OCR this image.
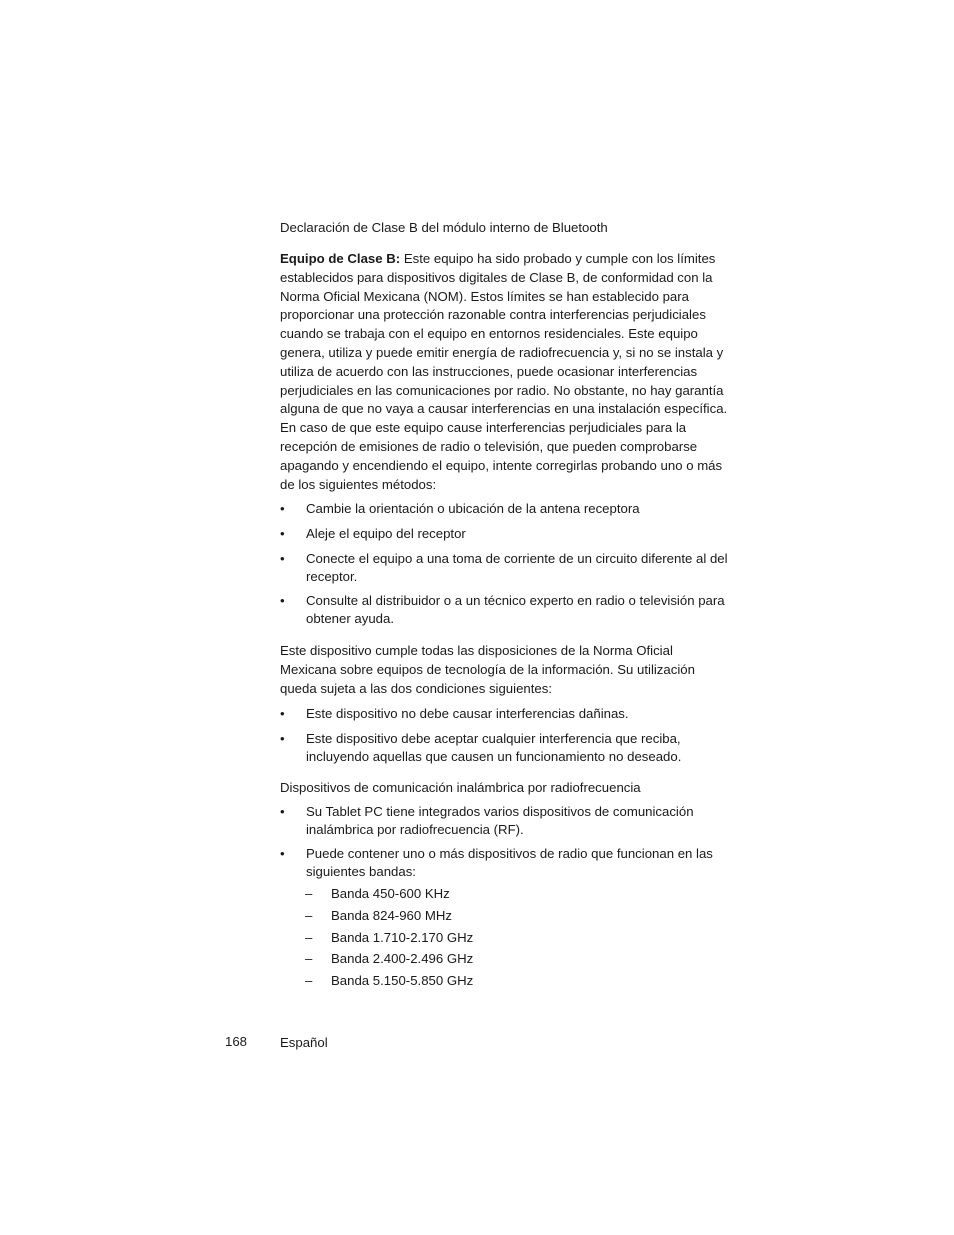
Declaración de Clase B del módulo interno de Bluetooth

Equipo de Clase B: Este equipo ha sido probado y cumple con los límites establecidos para dispositivos digitales de Clase B, de conformidad con la Norma Oficial Mexicana (NOM). Estos límites se han establecido para proporcionar una protección razonable contra interferencias perjudiciales cuando se trabaja con el equipo en entornos residenciales. Este equipo genera, utiliza y puede emitir energía de radiofrecuencia y, si no se instala y utiliza de acuerdo con las instrucciones, puede ocasionar interferencias perjudiciales en las comunicaciones por radio. No obstante, no hay garantía alguna de que no vaya a causar interferencias en una instalación específica. En caso de que este equipo cause interferencias perjudiciales para la recepción de emisiones de radio o televisión, que pueden comprobarse apagando y encendiendo el equipo, intente corregirlas probando uno o más de los siguientes métodos:

• Cambie la orientación o ubicación de la antena receptora
• Aleje el equipo del receptor
• Conecte el equipo a una toma de corriente de un circuito diferente al del receptor.
• Consulte al distribuidor o a un técnico experto en radio o televisión para obtener ayuda.

Este dispositivo cumple todas las disposiciones de la Norma Oficial Mexicana sobre equipos de tecnología de la información. Su utilización queda sujeta a las dos condiciones siguientes:

• Este dispositivo no debe causar interferencias dañinas.
• Este dispositivo debe aceptar cualquier interferencia que reciba, incluyendo aquellas que causen un funcionamiento no deseado.

Dispositivos de comunicación inalámbrica por radiofrecuencia

• Su Tablet PC tiene integrados varios dispositivos de comunicación inalámbrica por radiofrecuencia (RF).
• Puede contener uno o más dispositivos de radio que funcionan en las siguientes bandas:
– Banda 450-600 KHz
– Banda 824-960 MHz
– Banda 1.710-2.170 GHz
– Banda 2.400-2.496 GHz
– Banda 5.150-5.850 GHz
168 Español
